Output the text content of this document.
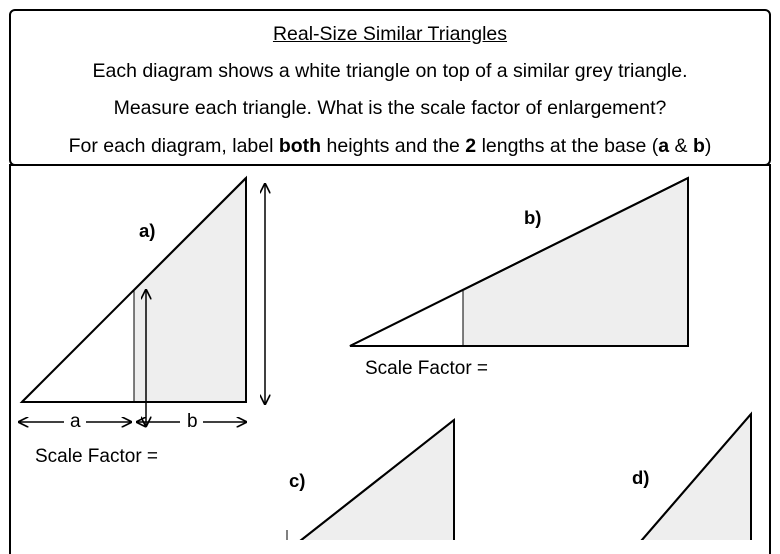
Real-Size Similar Triangles
Each diagram shows a white triangle on top of a similar grey triangle.
Measure each triangle. What is the scale factor of enlargement?
For each diagram, label both heights and the 2 lengths at the base (a & b)
a)
b)
c)	d)
a	b
Scale Factor =
Scale Factor =
